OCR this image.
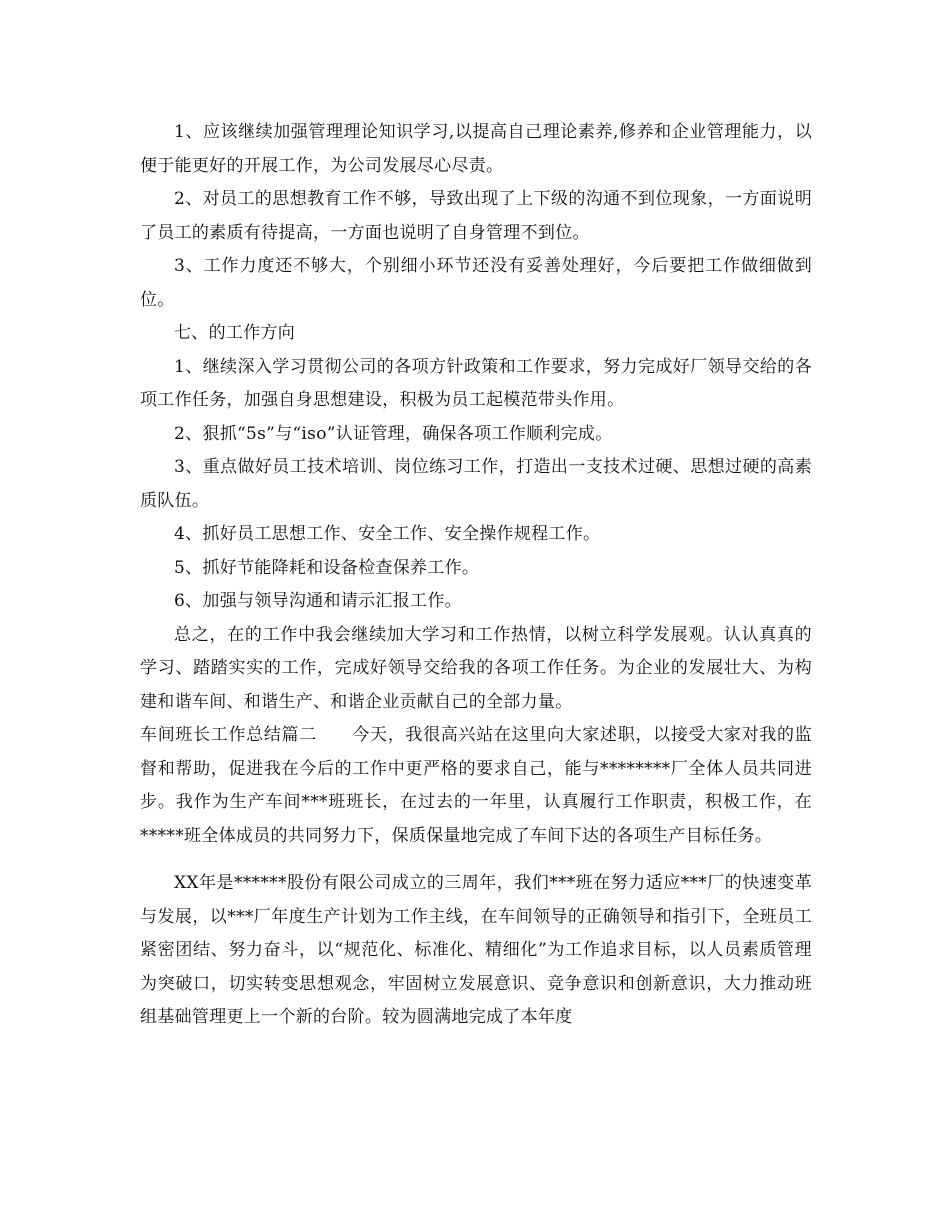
1、应该继续加强管理理论知识学习,以提高自己理论素养,修养和企业管理能力，以便于能更好的开展工作，为公司发展尽心尽责。

2、对员工的思想教育工作不够，导致出现了上下级的沟通不到位现象，一方面说明了员工的素质有待提高，一方面也说明了自身管理不到位。

3、工作力度还不够大，个别细小环节还没有妥善处理好，今后要把工作做细做到位。

七、的工作方向

1、继续深入学习贯彻公司的各项方针政策和工作要求，努力完成好厂领导交给的各项工作任务，加强自身思想建设，积极为员工起模范带头作用。

2、狠抓“5s”与“iso”认证管理，确保各项工作顺利完成。

3、重点做好员工技术培训、岗位练习工作，打造出一支技术过硬、思想过硬的高素质队伍。

4、抓好员工思想工作、安全工作、安全操作规程工作。

5、抓好节能降耗和设备检查保养工作。

6、加强与领导沟通和请示汇报工作。

总之，在的工作中我会继续加大学习和工作热情，以树立科学发展观。认认真真的学习、踏踏实实的工作，完成好领导交给我的各项工作任务。为企业的发展壮大、为构建和谐车间、和谐生产、和谐企业贡献自己的全部力量。

车间班长工作总结篇二　　今天，我很高兴站在这里向大家述职，以接受大家对我的监督和帮助，促进我在今后的工作中更严格的要求自己，能与********厂全体人员共同进步。我作为生产车间***班班长，在过去的一年里，认真履行工作职责，积极工作，在*****班全体成员的共同努力下，保质保量地完成了车间下达的各项生产目标任务。

XX年是******股份有限公司成立的三周年，我们***班在努力适应***厂的快速变革与发展，以***厂年度生产计划为工作主线，在车间领导的正确领导和指引下，全班员工紧密团结、努力奋斗，以“规范化、标准化、精细化”为工作追求目标，以人员素质管理为突破口，切实转变思想观念，牢固树立发展意识、竞争意识和创新意识，大力推动班组基础管理更上一个新的台阶。较为圆满地完成了本年度
